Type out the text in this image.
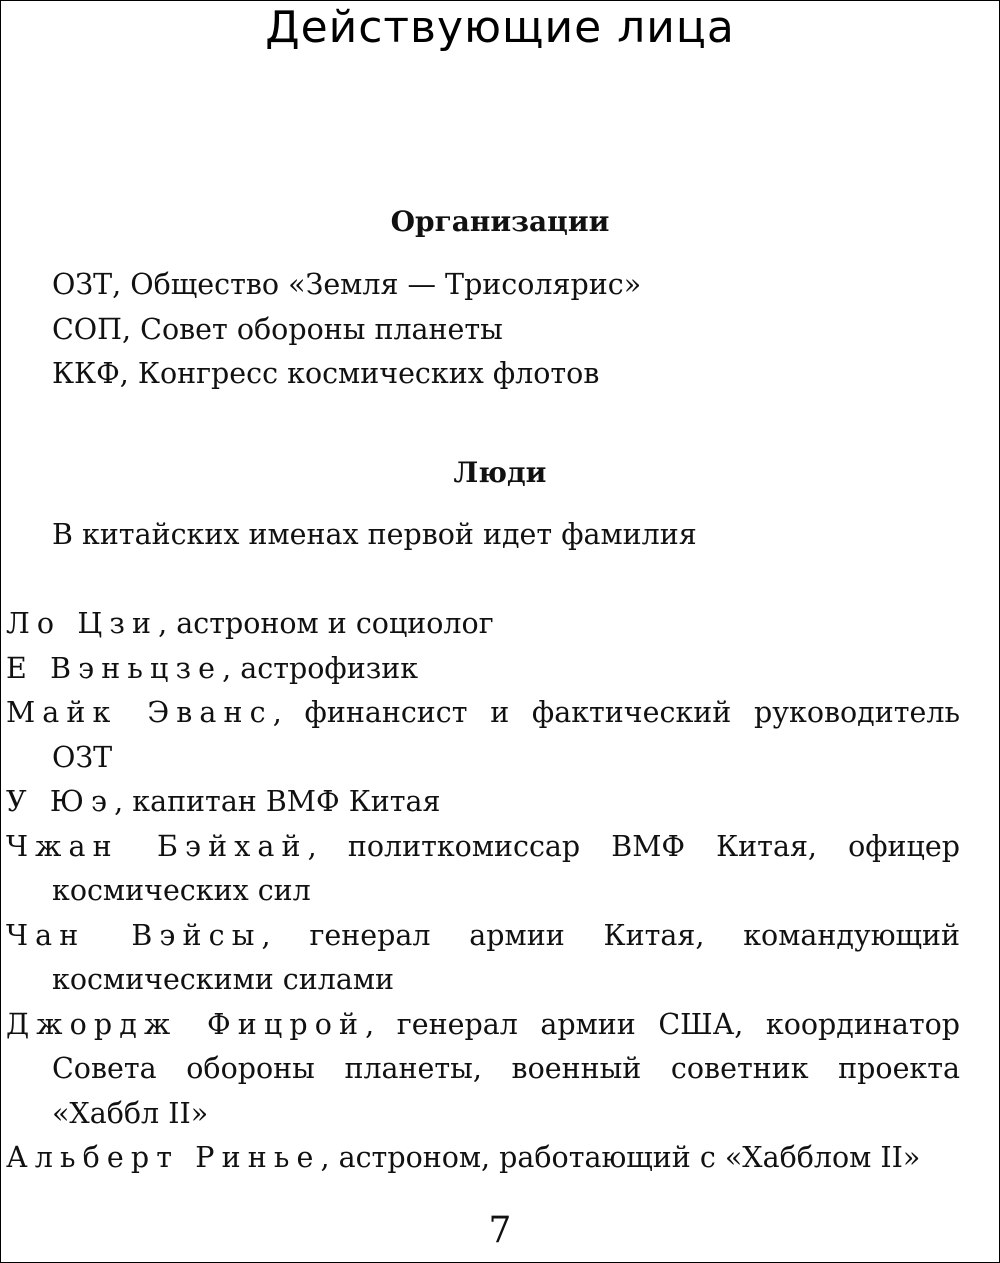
Действующие лица
Организации
ОЗТ, Общество «Земля — Трисолярис»
СОП, Совет обороны планеты
ККФ, Конгресс космических флотов
Люди
В китайских именах первой идет фамилия
Ло Цзи, астроном и социолог
Е Вэньцзе, астрофизик
Майк Эванс, финансист и фактический руководитель ОЗТ
У Юэ, капитан ВМФ Китая
Чжан Бэйхай, политкомиссар ВМФ Китая, офицер космических сил
Чан Вэйсы, генерал армии Китая, командующий космическими силами
Джордж Фицрой, генерал армии США, координатор Совета обороны планеты, военный советник проекта «Хаббл II»
Альберт Ринье, астроном, работающий с «Хабблом II»
7
